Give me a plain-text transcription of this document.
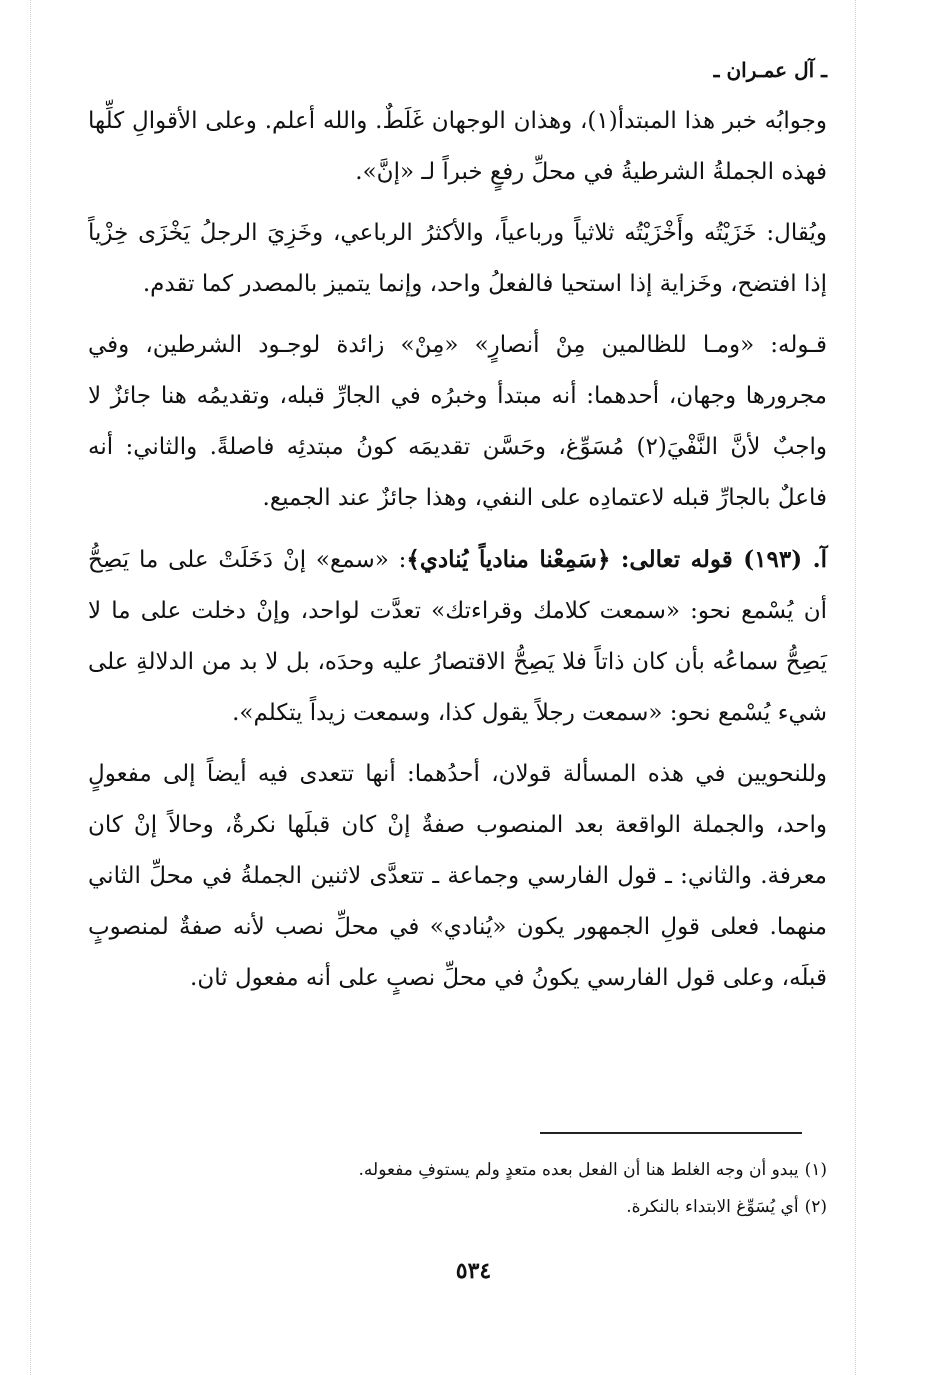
ـ آل عمـران ـ

وجوابُه خبر هذا المبتدأ(١)، وهذان الوجهان غَلَطٌ. والله أعلم. وعلى الأقوالِ كلِّها فهذه الجملةُ الشرطيةُ في محلِّ رفعٍ خبراً لـ «إنَّ».

ويُقال: خَزَيْتُه وأَخْزَيْتُه ثلاثياً ورباعياً، والأكثرُ الرباعي، وخَزِيَ الرجلُ يَخْزَى خِزْياً إذا افتضح، وخَزاية إذا استحيا فالفعلُ واحد، وإنما يتميز بالمصدر كما تقدم.

قـوله: «ومـا للظالمين مِنْ أنصارٍ» «مِنْ» زائدة لوجـود الشرطين، وفي مجرورها وجهان، أحدهما: أنه مبتدأ وخبرُه في الجارِّ قبله، وتقديمُه هنا جائزٌ لا واجبٌ لأنَّ النَّفْيَ(٢) مُسَوِّغ، وحَسَّن تقديمَه كونُ مبتدئِه فاصلةً. والثاني: أنه فاعلٌ بالجارِّ قبله لاعتمادِه على النفي، وهذا جائزٌ عند الجميع.

آ. (١٩٣) قوله تعالى: ﴿سَمِعْنا منادياً يُنادي﴾: «سمع» إنْ دَخَلَتْ على ما يَصِحُّ أن يُسْمع نحو: «سمعت كلامك وقراءتك» تعدَّت لواحد، وإنْ دخلت على ما لا يَصِحُّ سماعُه بأن كان ذاتاً فلا يَصِحُّ الاقتصارُ عليه وحدَه، بل لا بد من الدلالةِ على شيء يُسْمع نحو: «سمعت رجلاً يقول كذا، وسمعت زيداً يتكلم».

وللنحويين في هذه المسألة قولان، أحدُهما: أنها تتعدى فيه أيضاً إلى مفعولٍ واحد، والجملة الواقعة بعد المنصوب صفةٌ إنْ كان قبلَها نكرةٌ، وحالاً إنْ كان معرفة. والثاني: ـ قول الفارسي وجماعة ـ تتعدَّى لاثنين الجملةُ في محلِّ الثاني منهما. فعلى قولِ الجمهور يكون «يُنادي» في محلِّ نصب لأنه صفةٌ لمنصوبٍ قبلَه، وعلى قول الفارسي يكونُ في محلِّ نصبٍ على أنه مفعول ثان.

(١)يبدو أن وجه الغلط هنا أن الفعل بعده متعدٍ ولم يستوفِ مفعوله.

(٢)أي يُسَوِّغ الابتداء بالنكرة.

٥٣٤
